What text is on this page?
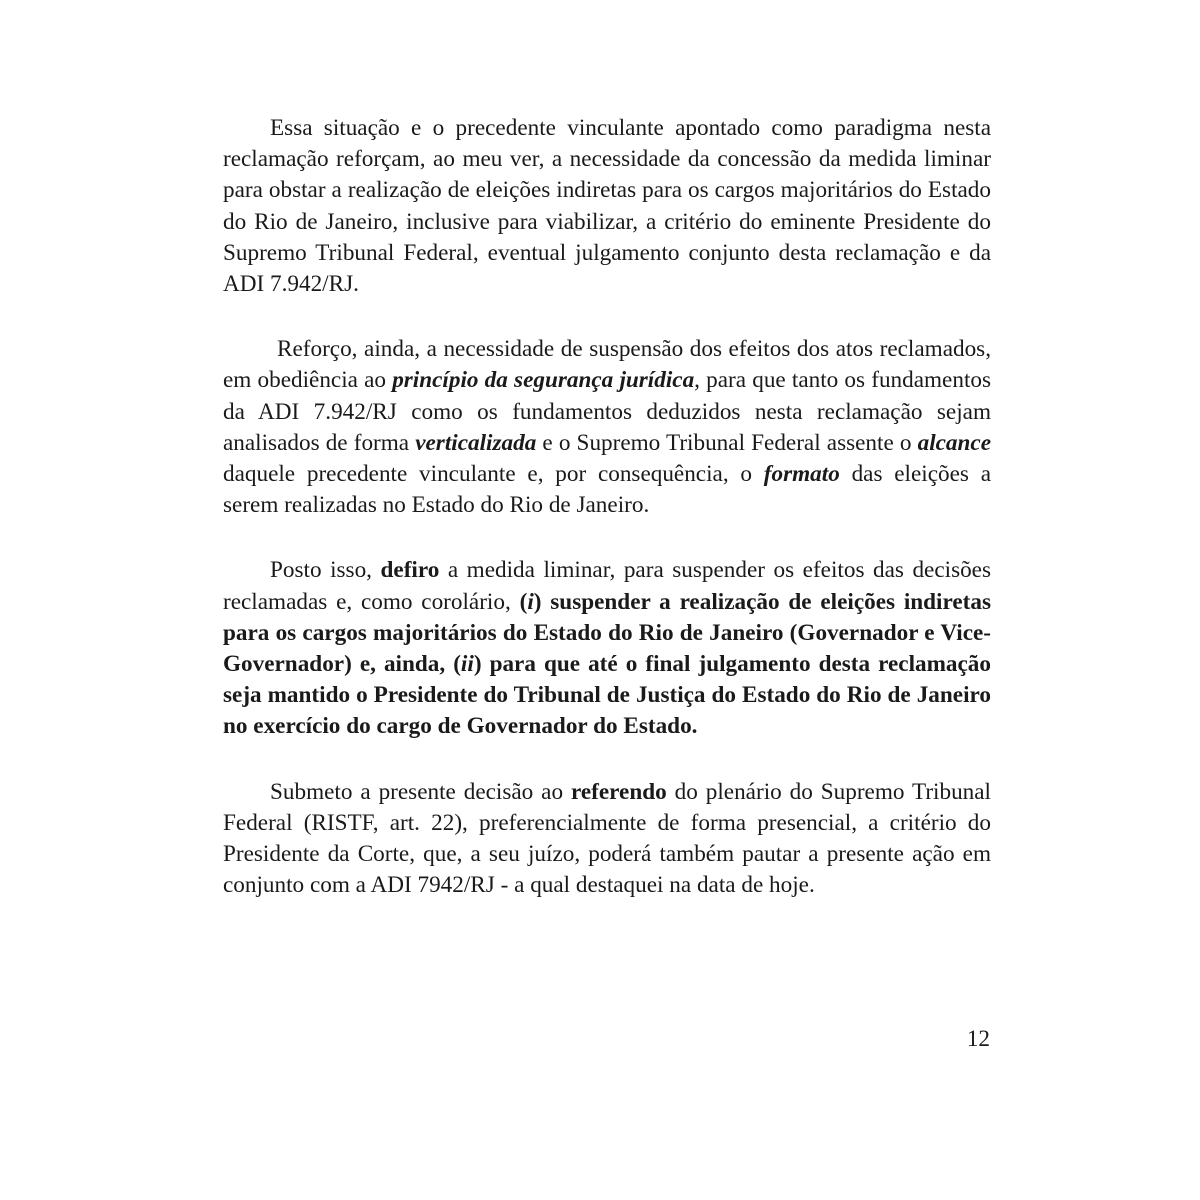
Essa situação e o precedente vinculante apontado como paradigma nesta reclamação reforçam, ao meu ver, a necessidade da concessão da medida liminar para obstar a realização de eleições indiretas para os cargos majoritários do Estado do Rio de Janeiro, inclusive para viabilizar, a critério do eminente Presidente do Supremo Tribunal Federal, eventual julgamento conjunto desta reclamação e da ADI 7.942/RJ.

Reforço, ainda, a necessidade de suspensão dos efeitos dos atos reclamados, em obediência ao princípio da segurança jurídica, para que tanto os fundamentos da ADI 7.942/RJ como os fundamentos deduzidos nesta reclamação sejam analisados de forma verticalizada e o Supremo Tribunal Federal assente o alcance daquele precedente vinculante e, por consequência, o formato das eleições a serem realizadas no Estado do Rio de Janeiro.

Posto isso, defiro a medida liminar, para suspender os efeitos das decisões reclamadas e, como corolário, (i) suspender a realização de eleições indiretas para os cargos majoritários do Estado do Rio de Janeiro (Governador e Vice-Governador) e, ainda, (ii) para que até o final julgamento desta reclamação seja mantido o Presidente do Tribunal de Justiça do Estado do Rio de Janeiro no exercício do cargo de Governador do Estado.

Submeto a presente decisão ao referendo do plenário do Supremo Tribunal Federal (RISTF, art. 22), preferencialmente de forma presencial, a critério do Presidente da Corte, que, a seu juízo, poderá também pautar a presente ação em conjunto com a ADI 7942/RJ - a qual destaquei na data de hoje.

12
